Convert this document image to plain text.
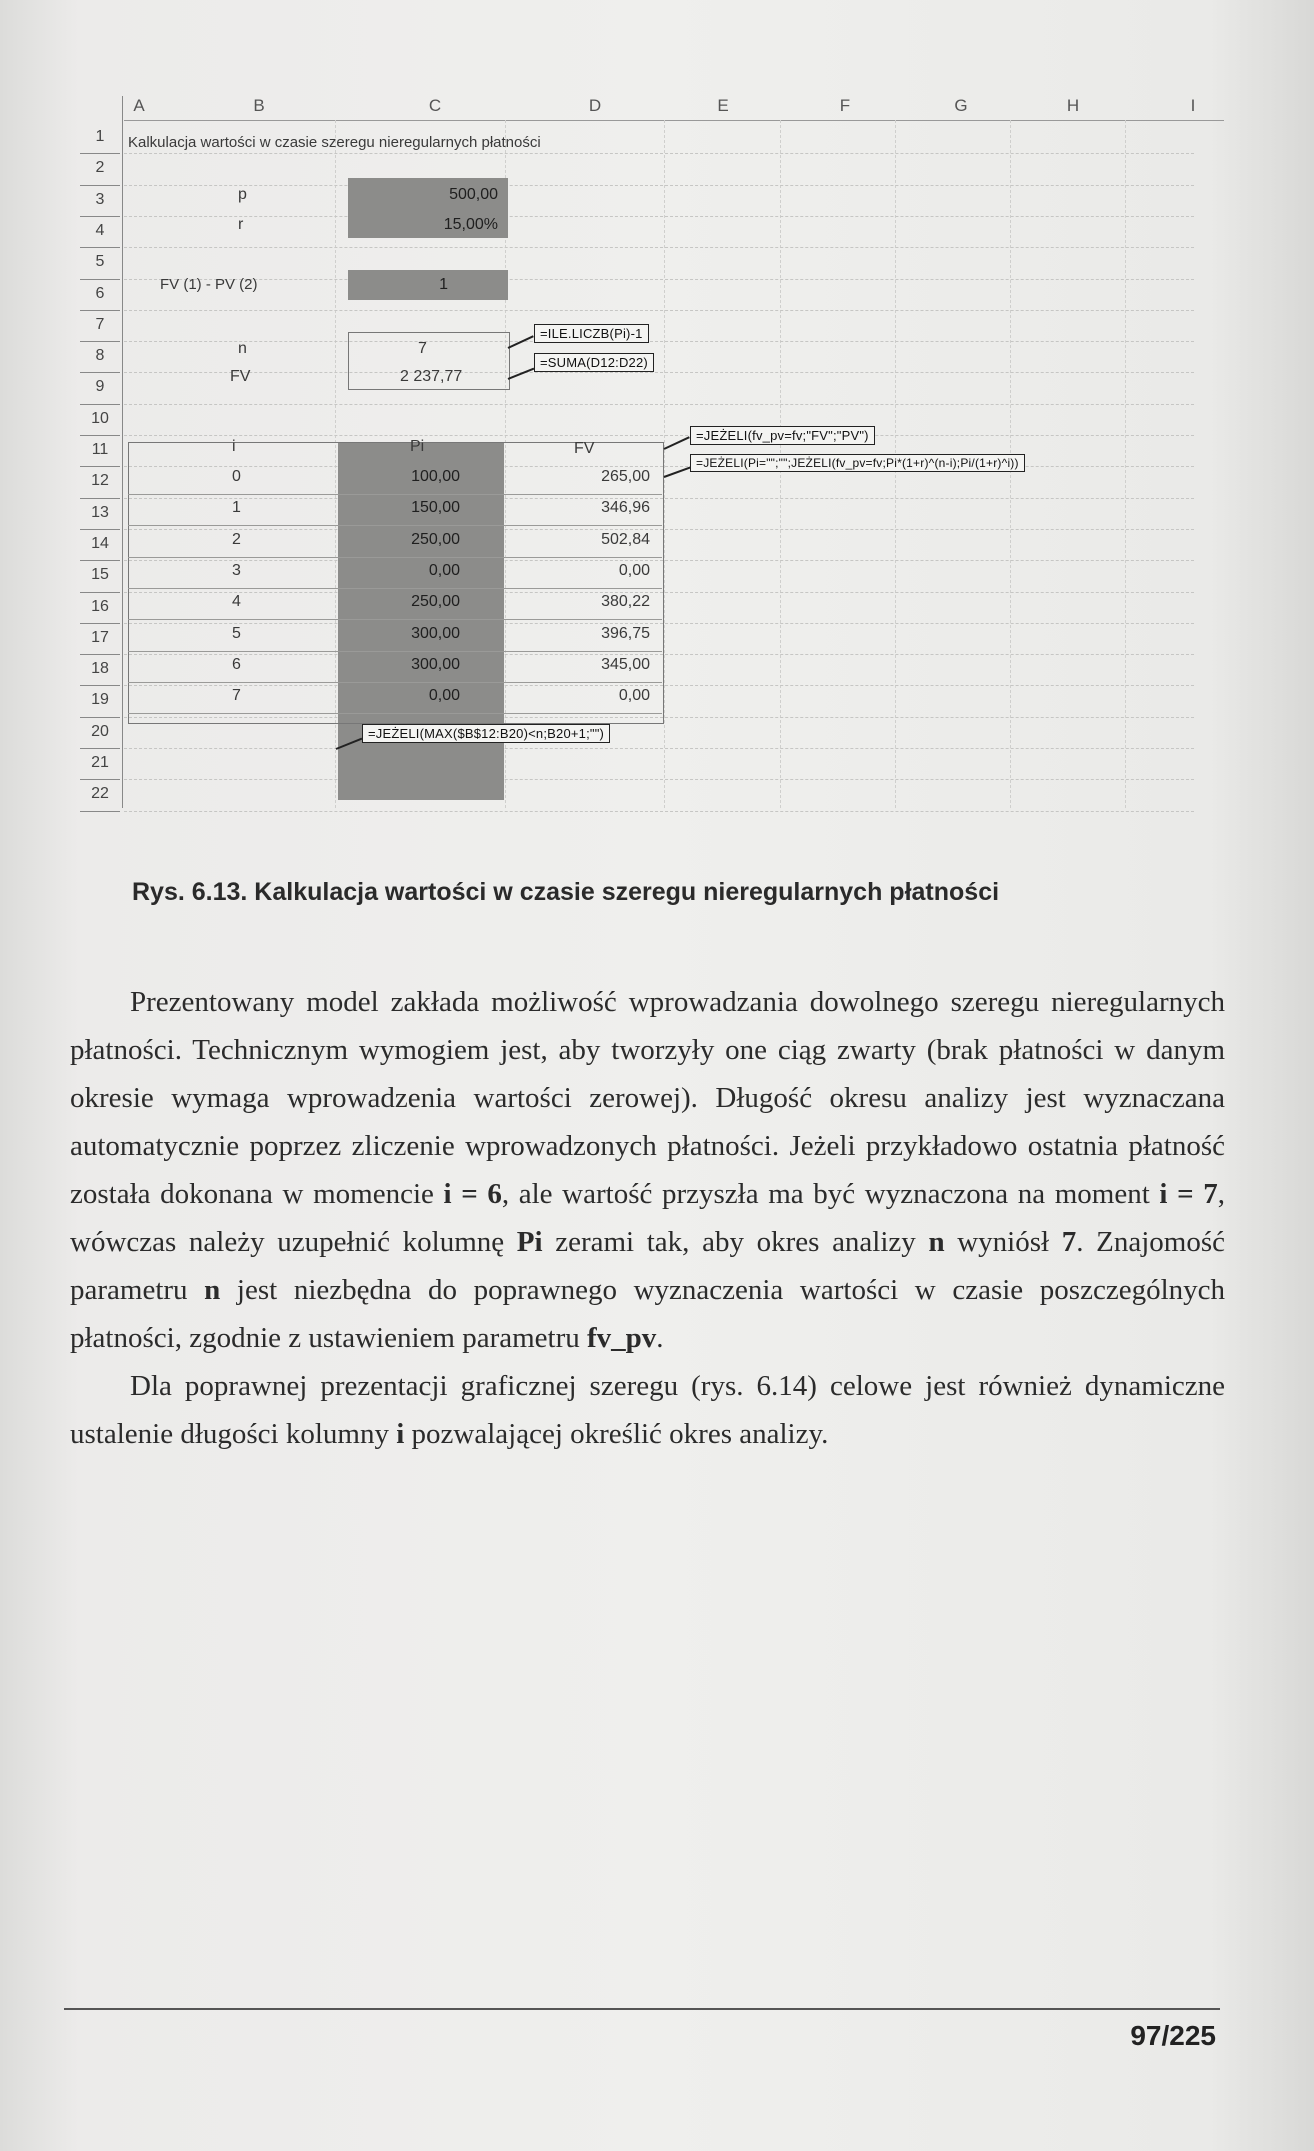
A	B	C	D	E	F	G	H	I
1
2
3
4
5
6
7
8
9
10
11
12
13
14
15
16
17
18
19
20
21
22
Kalkulacja wartości w czasie szeregu nieregularnych płatności
p	500,00
r	15,00%
FV (1) - PV (2)	1
n	7
FV	2 237,77
i	Pi	FV
0	100,00	265,00
1	150,00	346,96
2	250,00	502,84
3	0,00	0,00
4	250,00	380,22
5	300,00	396,75
6	300,00	345,00
7	0,00	0,00
=ILE.LICZB(Pi)-1
=SUMA(D12:D22)
=JEŻELI(fv_pv=fv;"FV";"PV")
=JEŻELI(Pi="";"";JEŻELI(fv_pv=fv;Pi*(1+r)^(n-i);Pi/(1+r)^i))
=JEŻELI(MAX($B$12:B20)<n;B20+1;"")
Rys. 6.13. Kalkulacja wartości w czasie szeregu nieregularnych płatności

Prezentowany model zakłada możliwość wprowadzania dowolnego szeregu nieregularnych płatności. Technicznym wymogiem jest, aby tworzyły one ciąg zwarty (brak płatności w danym okresie wymaga wprowadzenia wartości zerowej). Długość okresu analizy jest wyznaczana automatycznie poprzez zliczenie wprowadzonych płatności. Jeżeli przykładowo ostatnia płatność została dokonana w momencie i = 6, ale wartość przyszła ma być wyznaczona na moment i = 7, wówczas należy uzupełnić kolumnę Pi zerami tak, aby okres analizy n wyniósł 7. Znajomość parametru n jest niezbędna do poprawnego wyznaczenia wartości w czasie poszczególnych płatności, zgodnie z ustawieniem parametru fv_pv.

Dla poprawnej prezentacji graficznej szeregu (rys. 6.14) celowe jest również dynamiczne ustalenie długości kolumny i pozwalającej określić okres analizy.

97/225
